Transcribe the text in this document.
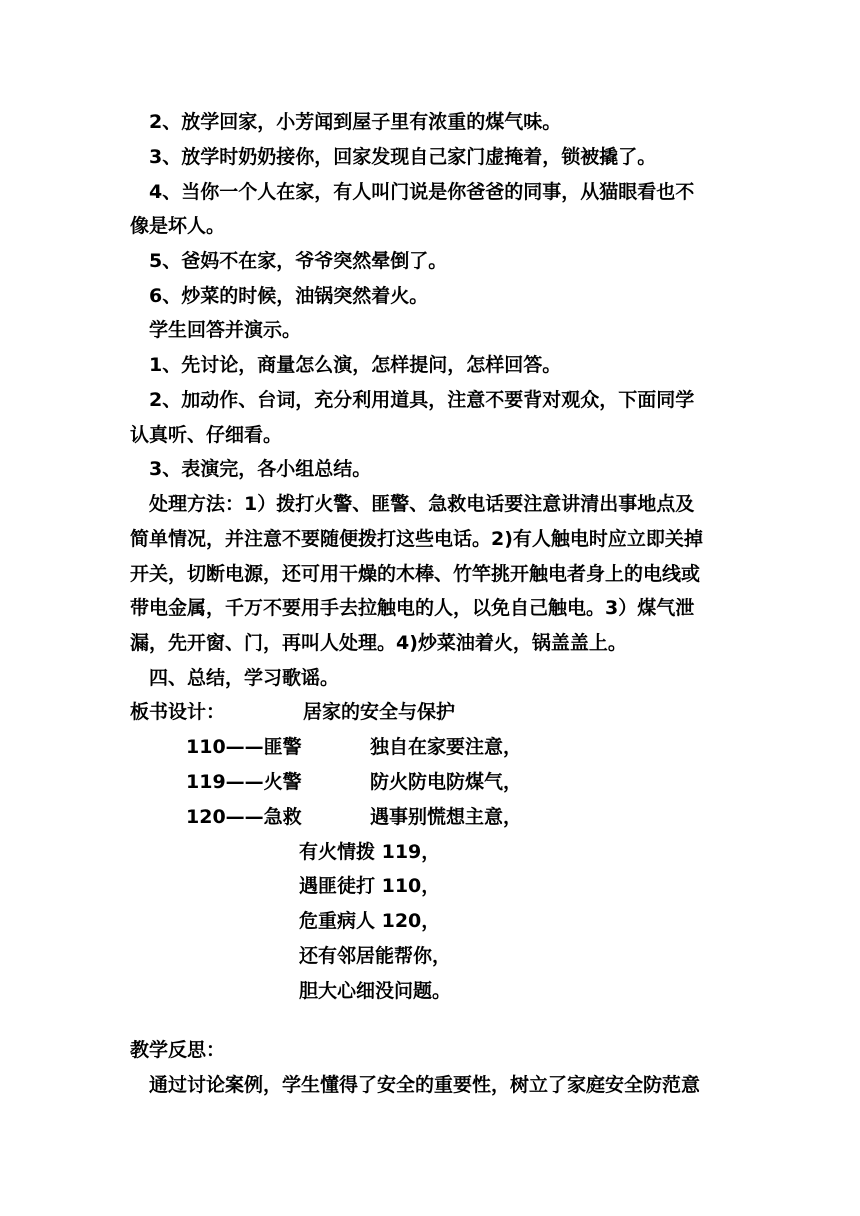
2、放学回家，小芳闻到屋子里有浓重的煤气味。
3、放学时奶奶接你，回家发现自己家门虚掩着，锁被撬了。
4、当你一个人在家，有人叫门说是你爸爸的同事，从猫眼看也不
像是坏人。
5、爸妈不在家，爷爷突然晕倒了。
6、炒菜的时候，油锅突然着火。
学生回答并演示。
1、先讨论，商量怎么演，怎样提问，怎样回答。
2、加动作、台词，充分利用道具，注意不要背对观众，下面同学
认真听、仔细看。
3、表演完，各小组总结。
处理方法：1）拨打火警、匪警、急救电话要注意讲清出事地点及
简单情况，并注意不要随便拨打这些电话。2)有人触电时应立即关掉
开关，切断电源，还可用干燥的木棒、竹竿挑开触电者身上的电线或
带电金属，千万不要用手去拉触电的人，以免自己触电。3）煤气泄
漏，先开窗、门，再叫人处理。4)炒菜油着火，锅盖盖上。
四、总结，学习歌谣。
板书设计：	居家的安全与保护
110——匪警
119——火警
120——急救
独自在家要注意，
防火防电防煤气，
遇事别慌想主意，
有火情拨 119，
遇匪徒打 110，
危重病人 120，
还有邻居能帮你，
胆大心细没问题。
教学反思：
通过讨论案例，学生懂得了安全的重要性，树立了家庭安全防范意
